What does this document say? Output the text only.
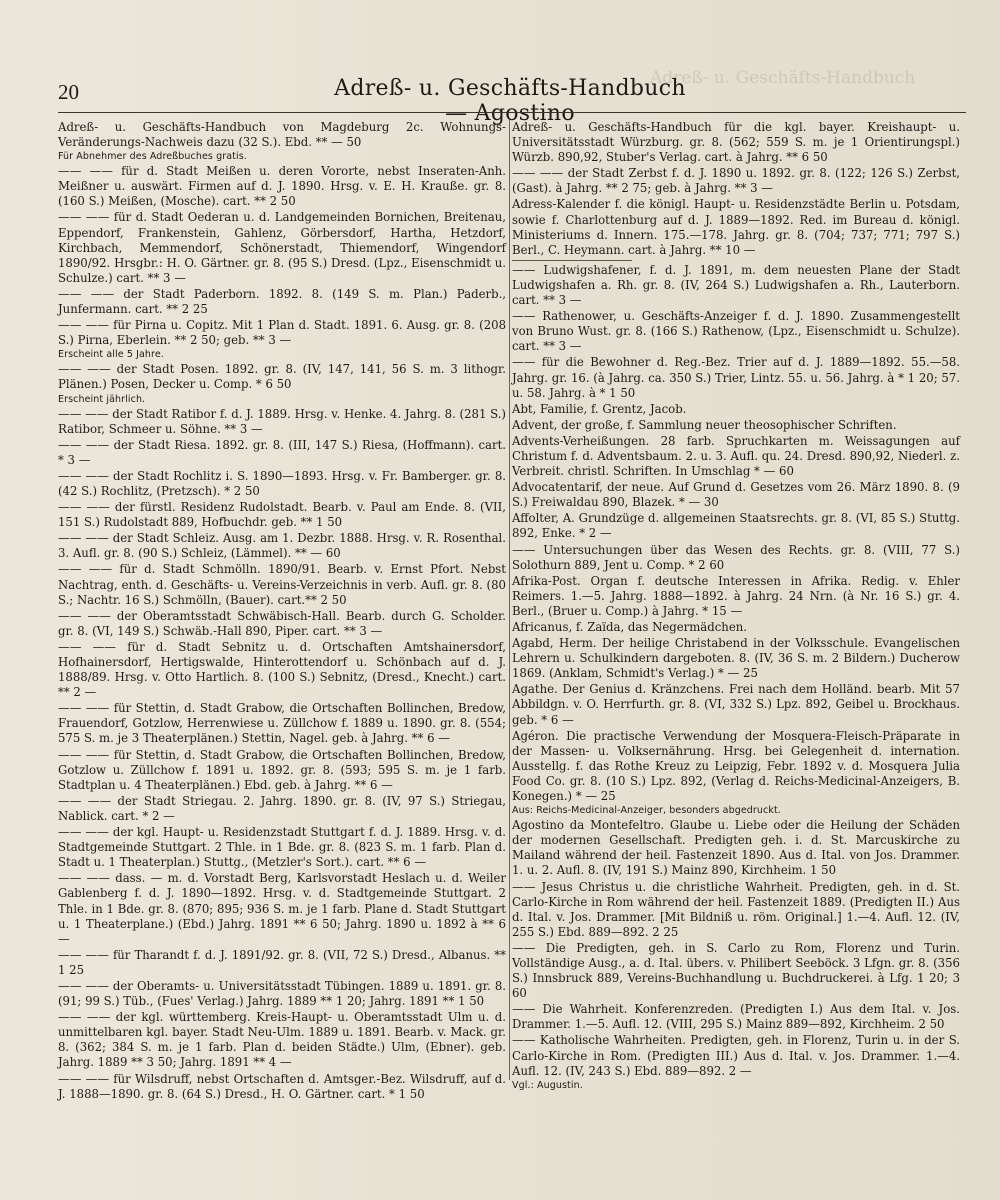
Adreß- u. Geschäfts-Handbuch
20	Adreß- u. Geschäfts-Handbuch — Agostino
Adreß- u. Geschäfts-Handbuch von Magdeburg 2c. Wohnungs-Veränderungs-Nachweis dazu (32 S.). Ebd. ** — 50
Für Abnehmer des Adreßbuches gratis.
—— —— für d. Stadt Meißen u. deren Vororte, nebst Inseraten-Anh. Meißner u. auswärt. Firmen auf d. J. 1890. Hrsg. v. E. H. Krauße. gr. 8. (160 S.) Meißen, (Mosche). cart. ** 2 50
—— —— für d. Stadt Oederan u. d. Landgemeinden Bornichen, Breitenau, Eppendorf, Frankenstein, Gahlenz, Görbersdorf, Hartha, Hetzdorf, Kirchbach, Memmendorf, Schönerstadt, Thiemendorf, Wingendorf 1890/92. Hrsgbr.: H. O. Gärtner. gr. 8. (95 S.) Dresd. (Lpz., Eisenschmidt u. Schulze.) cart. ** 3 —
—— —— der Stadt Paderborn. 1892. 8. (149 S. m. Plan.) Paderb., Junfermann. cart. ** 2 25
—— —— für Pirna u. Copitz. Mit 1 Plan d. Stadt. 1891. 6. Ausg. gr. 8. (208 S.) Pirna, Eberlein. ** 2 50; geb. ** 3 —
Erscheint alle 5 Jahre.
—— —— der Stadt Posen. 1892. gr. 8. (IV, 147, 141, 56 S. m. 3 lithogr. Plänen.) Posen, Decker u. Comp. * 6 50
Erscheint jährlich.
—— —— der Stadt Ratibor f. d. J. 1889. Hrsg. v. Henke. 4. Jahrg. 8. (281 S.) Ratibor, Schmeer u. Söhne. ** 3 —
—— —— der Stadt Riesa. 1892. gr. 8. (III, 147 S.) Riesa, (Hoffmann). cart. * 3 —
—— —— der Stadt Rochlitz i. S. 1890—1893. Hrsg. v. Fr. Bamberger. gr. 8. (42 S.) Rochlitz, (Pretzsch). * 2 50
—— —— der fürstl. Residenz Rudolstadt. Bearb. v. Paul am Ende. 8. (VII, 151 S.) Rudolstadt 889, Hofbuchdr. geb. ** 1 50
—— —— der Stadt Schleiz. Ausg. am 1. Dezbr. 1888. Hrsg. v. R. Rosenthal. 3. Aufl. gr. 8. (90 S.) Schleiz, (Lämmel). ** — 60
—— —— für d. Stadt Schmölln. 1890/91. Bearb. v. Ernst Pfort. Nebst Nachtrag, enth. d. Geschäfts- u. Vereins-Verzeichnis in verb. Aufl. gr. 8. (80 S.; Nachtr. 16 S.) Schmölln, (Bauer). cart.** 2 50
—— —— der Oberamtsstadt Schwäbisch-Hall. Bearb. durch G. Scholder. gr. 8. (VI, 149 S.) Schwäb.-Hall 890, Piper. cart. ** 3 —
—— —— für d. Stadt Sebnitz u. d. Ortschaften Amtshainersdorf, Hofhainersdorf, Hertigswalde, Hinterottendorf u. Schönbach auf d. J. 1888/89. Hrsg. v. Otto Hartlich. 8. (100 S.) Sebnitz, (Dresd., Knecht.) cart. ** 2 —
—— —— für Stettin, d. Stadt Grabow, die Ortschaften Bollinchen, Bredow, Frauendorf, Gotzlow, Herrenwiese u. Züllchow f. 1889 u. 1890. gr. 8. (554; 575 S. m. je 3 Theaterplänen.) Stettin, Nagel. geb. à Jahrg. ** 6 —
—— —— für Stettin, d. Stadt Grabow, die Ortschaften Bollinchen, Bredow, Gotzlow u. Züllchow f. 1891 u. 1892. gr. 8. (593; 595 S. m. je 1 farb. Stadtplan u. 4 Theaterplänen.) Ebd. geb. à Jahrg. ** 6 —
—— —— der Stadt Striegau. 2. Jahrg. 1890. gr. 8. (IV, 97 S.) Striegau, Nablick. cart. * 2 —
—— —— der kgl. Haupt- u. Residenzstadt Stuttgart f. d. J. 1889. Hrsg. v. d. Stadtgemeinde Stuttgart. 2 Thle. in 1 Bde. gr. 8. (823 S. m. 1 farb. Plan d. Stadt u. 1 Theaterplan.) Stuttg., (Metzler's Sort.). cart. ** 6 —
—— —— dass. — m. d. Vorstadt Berg, Karlsvorstadt Heslach u. d. Weiler Gablenberg f. d. J. 1890—1892. Hrsg. v. d. Stadtgemeinde Stuttgart. 2 Thle. in 1 Bde. gr. 8. (870; 895; 936 S. m. je 1 farb. Plane d. Stadt Stuttgart u. 1 Theaterplane.) (Ebd.) Jahrg. 1891 ** 6 50; Jahrg. 1890 u. 1892 à ** 6 —
—— —— für Tharandt f. d. J. 1891/92. gr. 8. (VII, 72 S.) Dresd., Albanus. ** 1 25
—— —— der Oberamts- u. Universitätsstadt Tübingen. 1889 u. 1891. gr. 8. (91; 99 S.) Tüb., (Fues' Verlag.) Jahrg. 1889 ** 1 20; Jahrg. 1891 ** 1 50
—— —— der kgl. württemberg. Kreis-Haupt- u. Oberamtsstadt Ulm u. d. unmittelbaren kgl. bayer. Stadt Neu-Ulm. 1889 u. 1891. Bearb. v. Mack. gr. 8. (362; 384 S. m. je 1 farb. Plan d. beiden Städte.) Ulm, (Ebner). geb. Jahrg. 1889 ** 3 50; Jahrg. 1891 ** 4 —
—— —— für Wilsdruff, nebst Ortschaften d. Amtsger.-Bez. Wilsdruff, auf d. J. 1888—1890. gr. 8. (64 S.) Dresd., H. O. Gärtner. cart. * 1 50
Adreß- u. Geschäfts-Handbuch für die kgl. bayer. Kreishaupt- u. Universitätsstadt Würzburg. gr. 8. (562; 559 S. m. je 1 Orientirungspl.) Würzb. 890,92, Stuber's Verlag. cart. à Jahrg. ** 6 50
—— —— der Stadt Zerbst f. d. J. 1890 u. 1892. gr. 8. (122; 126 S.) Zerbst, (Gast). à Jahrg. ** 2 75; geb. à Jahrg. ** 3 —
Adress-Kalender f. die königl. Haupt- u. Residenzstädte Berlin u. Potsdam, sowie f. Charlottenburg auf d. J. 1889—1892. Red. im Bureau d. königl. Ministeriums d. Innern. 175.—178. Jahrg. gr. 8. (704; 737; 771; 797 S.) Berl., C. Heymann. cart. à Jahrg. ** 10 —
—— Ludwigshafener, f. d. J. 1891, m. dem neuesten Plane der Stadt Ludwigshafen a. Rh. gr. 8. (IV, 264 S.) Ludwigshafen a. Rh., Lauterborn. cart. ** 3 —
—— Rathenower, u. Geschäfts-Anzeiger f. d. J. 1890. Zusammengestellt von Bruno Wust. gr. 8. (166 S.) Rathenow, (Lpz., Eisenschmidt u. Schulze). cart. ** 3 —
—— für die Bewohner d. Reg.-Bez. Trier auf d. J. 1889—1892. 55.—58. Jahrg. gr. 16. (à Jahrg. ca. 350 S.) Trier, Lintz. 55. u. 56. Jahrg. à * 1 20; 57. u. 58. Jahrg. à * 1 50
Abt, Familie, f. Grentz, Jacob.
Advent, der große, f. Sammlung neuer theosophischer Schriften.
Advents-Verheißungen. 28 farb. Spruchkarten m. Weissagungen auf Christum f. d. Adventsbaum. 2. u. 3. Aufl. qu. 24. Dresd. 890,92, Niederl. z. Verbreit. christl. Schriften. In Umschlag * — 60
Advocatentarif, der neue. Auf Grund d. Gesetzes vom 26. März 1890. 8. (9 S.) Freiwaldau 890, Blazek. * — 30
Affolter, A. Grundzüge d. allgemeinen Staatsrechts. gr. 8. (VI, 85 S.) Stuttg. 892, Enke. * 2 —
—— Untersuchungen über das Wesen des Rechts. gr. 8. (VIII, 77 S.) Solothurn 889, Jent u. Comp. * 2 60
Afrika-Post. Organ f. deutsche Interessen in Afrika. Redig. v. Ehler Reimers. 1.—5. Jahrg. 1888—1892. à Jahrg. 24 Nrn. (à Nr. 16 S.) gr. 4. Berl., (Bruer u. Comp.) à Jahrg. * 15 —
Africanus, f. Zaïda, das Negermädchen.
Agabd, Herm. Der heilige Christabend in der Volksschule. Evangelischen Lehrern u. Schulkindern dargeboten. 8. (IV, 36 S. m. 2 Bildern.) Ducherow 1869. (Anklam, Schmidt's Verlag.) * — 25
Agathe. Der Genius d. Kränzchens. Frei nach dem Holländ. bearb. Mit 57 Abbildgn. v. O. Herrfurth. gr. 8. (VI, 332 S.) Lpz. 892, Geibel u. Brockhaus. geb. * 6 —
Agéron. Die practische Verwendung der Mosquera-Fleisch-Präparate in der Massen- u. Volksernährung. Hrsg. bei Gelegenheit d. internation. Ausstellg. f. das Rothe Kreuz zu Leipzig, Febr. 1892 v. d. Mosquera Julia Food Co. gr. 8. (10 S.) Lpz. 892, (Verlag d. Reichs-Medicinal-Anzeigers, B. Konegen.) * — 25
Aus: Reichs-Medicinal-Anzeiger, besonders abgedruckt.
Agostino da Montefeltro. Glaube u. Liebe oder die Heilung der Schäden der modernen Gesellschaft. Predigten geh. i. d. St. Marcuskirche zu Mailand während der heil. Fastenzeit 1890. Aus d. Ital. von Jos. Drammer. 1. u. 2. Aufl. 8. (IV, 191 S.) Mainz 890, Kirchheim. 1 50
—— Jesus Christus u. die christliche Wahrheit. Predigten, geh. in d. St. Carlo-Kirche in Rom während der heil. Fastenzeit 1889. (Predigten II.) Aus d. Ital. v. Jos. Drammer. [Mit Bildniß u. röm. Original.] 1.—4. Aufl. 12. (IV, 255 S.) Ebd. 889—892. 2 25
—— Die Predigten, geh. in S. Carlo zu Rom, Florenz und Turin. Vollständige Ausg., a. d. Ital. übers. v. Philibert Seeböck. 3 Lfgn. gr. 8. (356 S.) Innsbruck 889, Vereins-Buchhandlung u. Buchdruckerei. à Lfg. 1 20; 3 60
—— Die Wahrheit. Konferenzreden. (Predigten I.) Aus dem Ital. v. Jos. Drammer. 1.—5. Aufl. 12. (VIII, 295 S.) Mainz 889—892, Kirchheim. 2 50
—— Katholische Wahrheiten. Predigten, geh. in Florenz, Turin u. in der S. Carlo-Kirche in Rom. (Predigten III.) Aus d. Ital. v. Jos. Drammer. 1.—4. Aufl. 12. (IV, 243 S.) Ebd. 889—892. 2 —
Vgl.: Augustin.
